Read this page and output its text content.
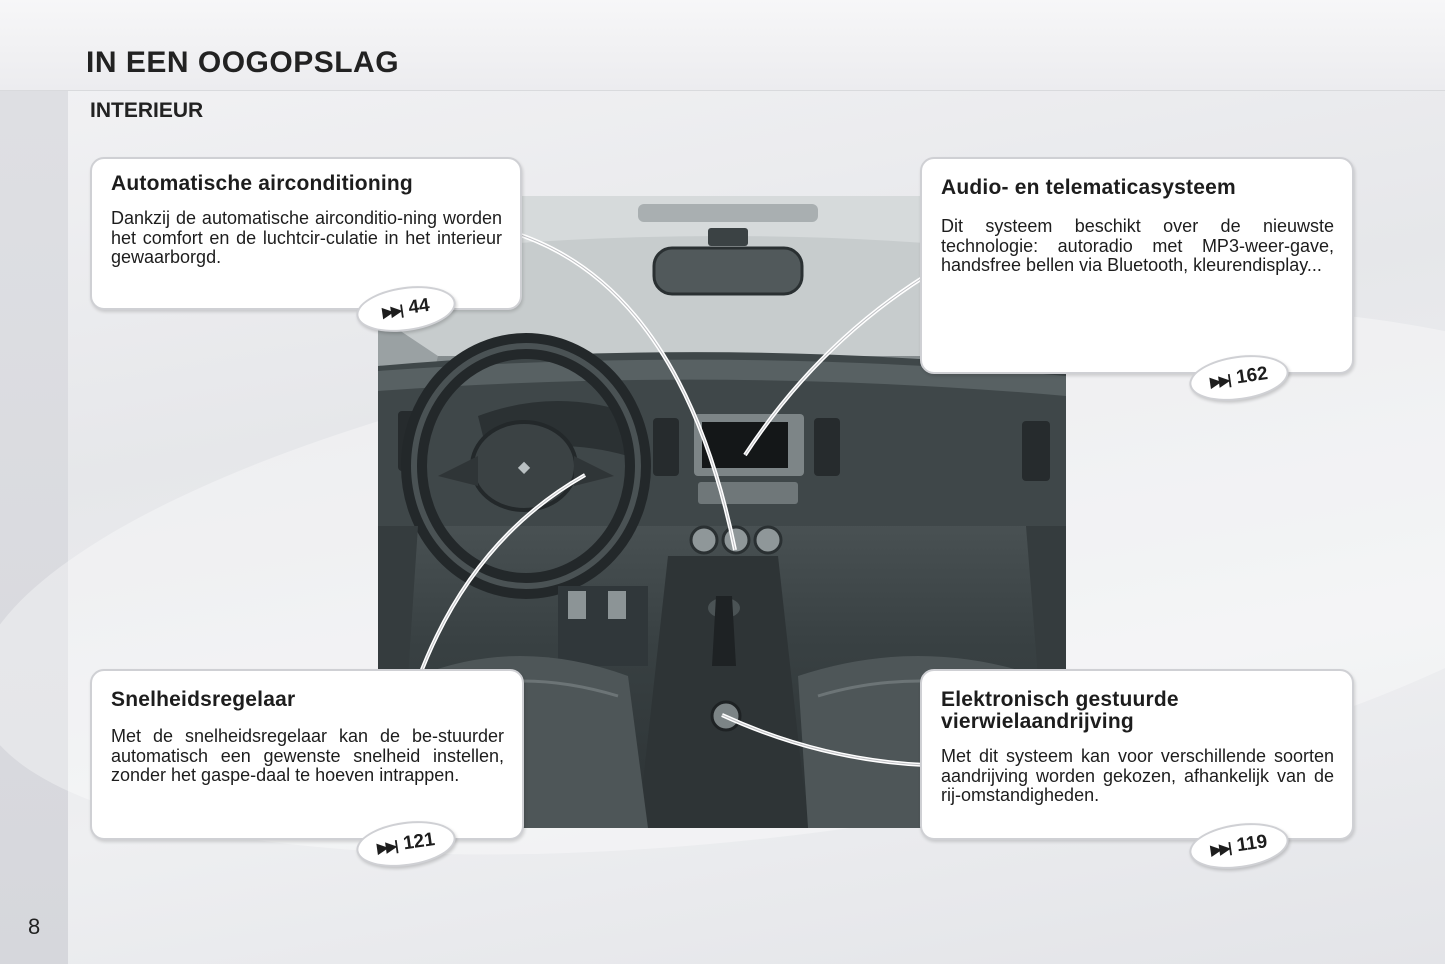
IN EEN OOGOPSLAG
INTERIEUR
◆
Automatische airconditioning

Dankzij de automatische airconditio-ning worden het comfort en de luchtcir-culatie in het interieur gewaarborgd.

▶▶| 44
Audio- en telematicasysteem

Dit systeem beschikt over de nieuwste technologie: autoradio met MP3-weer-gave, handsfree bellen via Bluetooth, kleurendisplay...

▶▶| 162
Snelheidsregelaar

Met de snelheidsregelaar kan de be-stuurder automatisch een gewenste snelheid instellen, zonder het gaspe-daal te hoeven intrappen.

▶▶| 121
Elektronisch gestuurde vierwielaandrijving

Met dit systeem kan voor verschillende soorten aandrijving worden gekozen, afhankelijk van de rij-omstandigheden.

▶▶| 119
8
